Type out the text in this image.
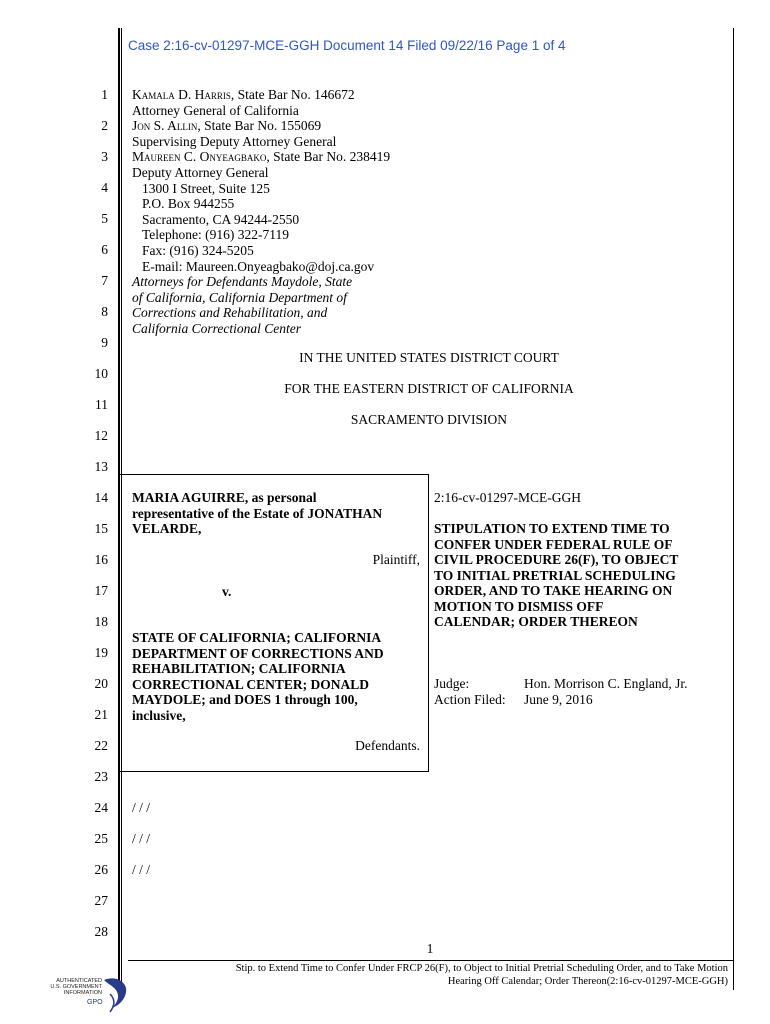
Case 2:16-cv-01297-MCE-GGH Document 14 Filed 09/22/16 Page 1 of 4
1
2
3
4
5
6
7
8
9
10
11
12
13
14
15
16
17
18
19
20
21
22
23
24
25
26
27
28
Kamala D. Harris, State Bar No. 146672
Attorney General of California
Jon S. Allin, State Bar No. 155069
Supervising Deputy Attorney General
Maureen C. Onyeagbako, State Bar No. 238419
Deputy Attorney General
1300 I Street, Suite 125
P.O. Box 944255
Sacramento, CA 94244-2550
Telephone: (916) 322-7119
Fax: (916) 324-5205
E-mail: Maureen.Onyeagbako@doj.ca.gov
Attorneys for Defendants Maydole, State
of California, California Department of
Corrections and Rehabilitation, and
California Correctional Center
IN THE UNITED STATES DISTRICT COURT
FOR THE EASTERN DISTRICT OF CALIFORNIA
SACRAMENTO DIVISION
MARIA AGUIRRE, as personal
representative of the Estate of JONATHAN
VELARDE,
Plaintiff,
v.
STATE OF CALIFORNIA; CALIFORNIA
DEPARTMENT OF CORRECTIONS AND
REHABILITATION; CALIFORNIA
CORRECTIONAL CENTER; DONALD
MAYDOLE; and DOES 1 through 100,
inclusive,
Defendants.
2:16-cv-01297-MCE-GGH
STIPULATION TO EXTEND TIME TO
CONFER UNDER FEDERAL RULE OF
CIVIL PROCEDURE 26(F), TO OBJECT
TO INITIAL PRETRIAL SCHEDULING
ORDER, AND TO TAKE HEARING ON
MOTION TO DISMISS OFF
CALENDAR; ORDER THEREON
Judge:	Hon. Morrison C. England, Jr.
Action Filed: June 9, 2016
/ / /
/ / /
/ / /
1
Stip. to Extend Time to Confer Under FRCP 26(F), to Object to Initial Pretrial Scheduling Order, and to Take Motion
Hearing Off Calendar; Order Thereon(2:16-cv-01297-MCE-GGH)
AUTHENTICATED
U.S. GOVERNMENT
INFORMATION
GPO
